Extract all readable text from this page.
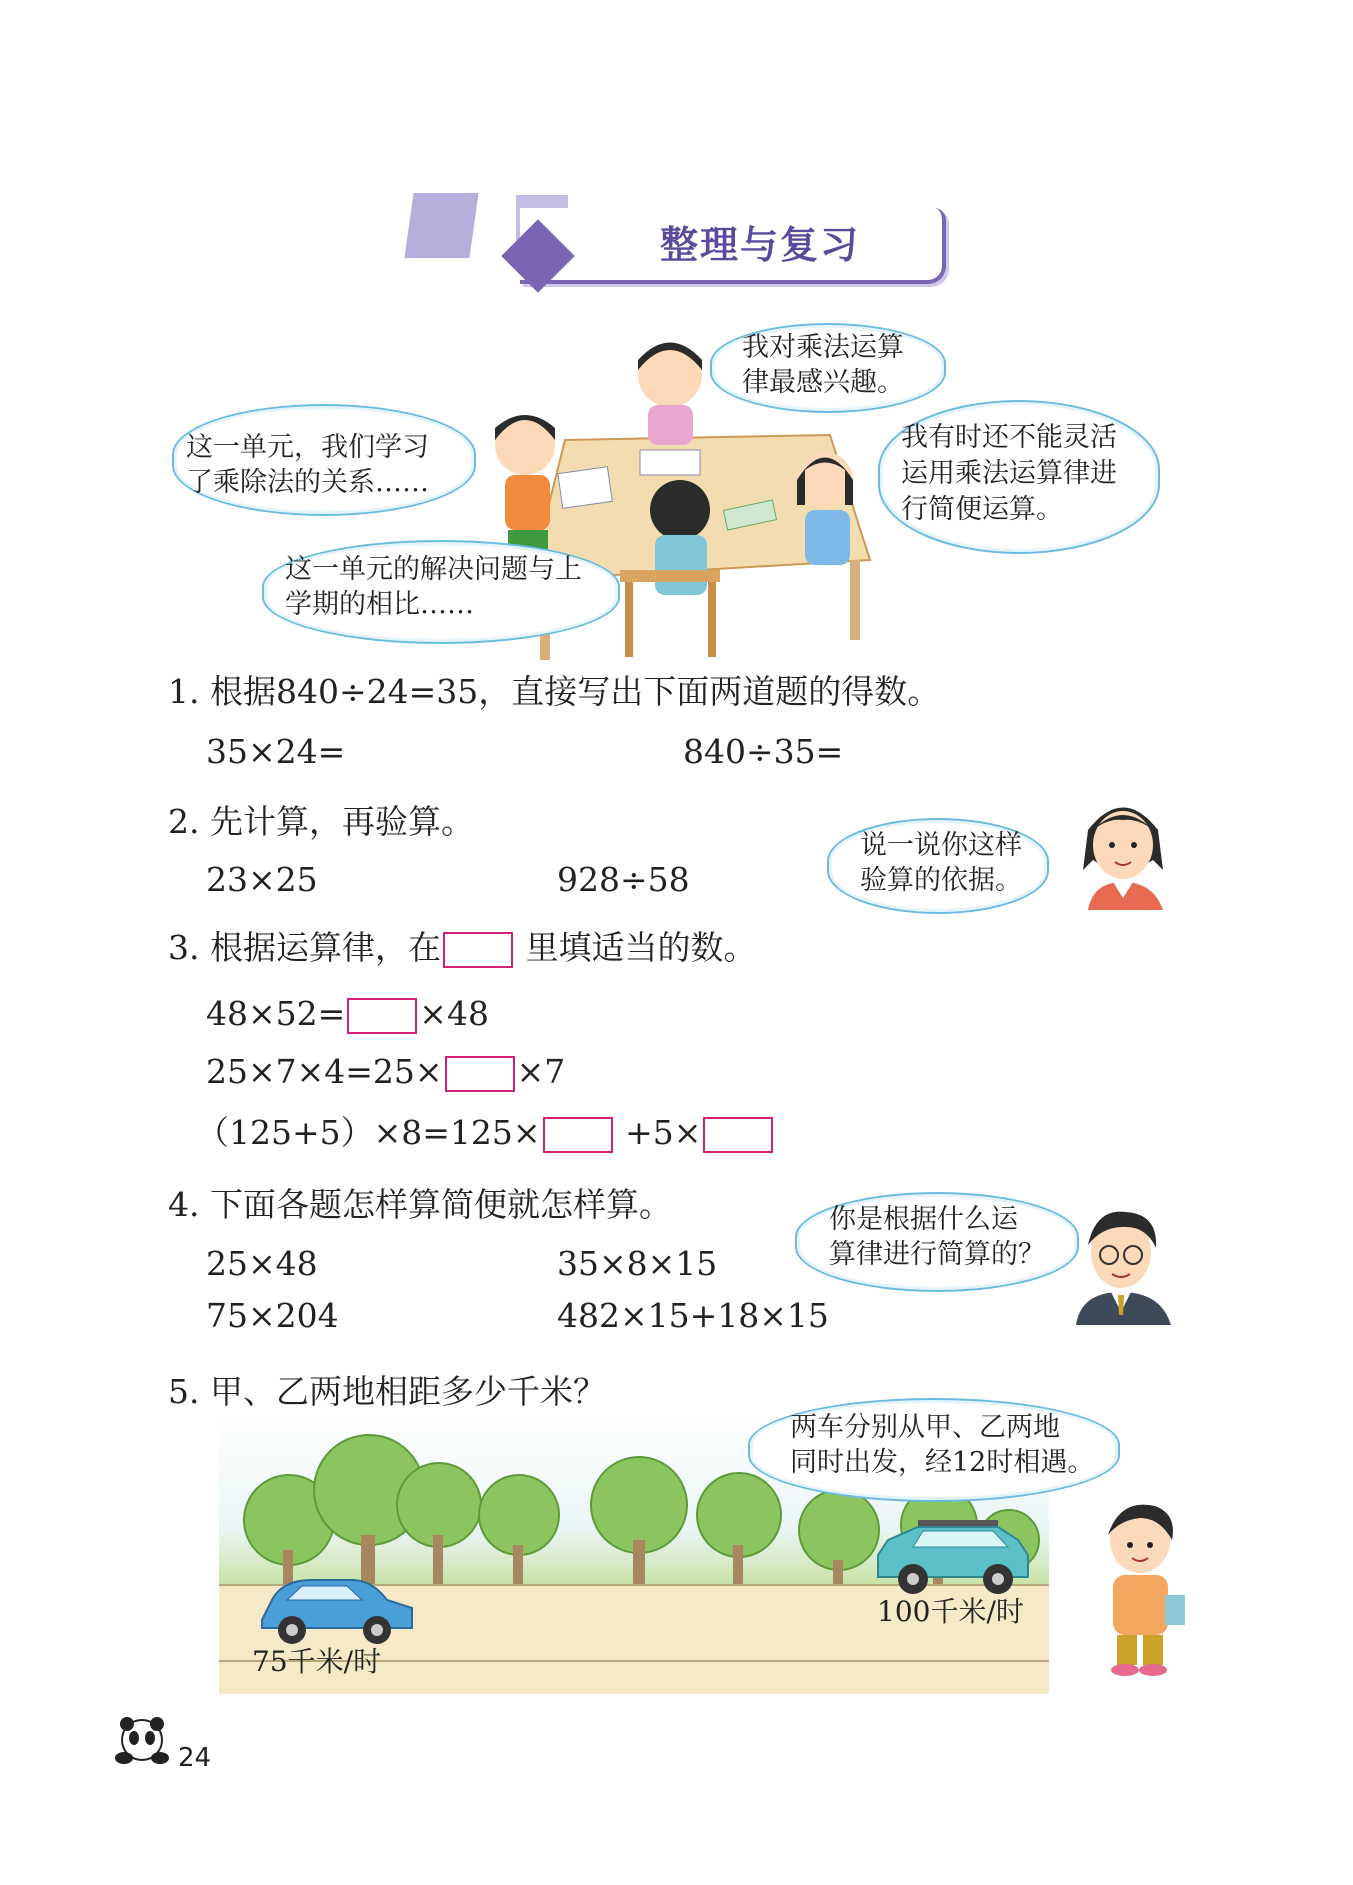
整理与复习
我对乘法运算
律最感兴趣。
这一单元，我们学习
了乘除法的关系……
我有时还不能灵活
运用乘法运算律进
行简便运算。
这一单元的解决问题与上
学期的相比……
1. 根据840÷24=35，直接写出下面两道题的得数。
35×24=	840÷35=
2. 先计算，再验算。
23×25	928÷58
说一说你这样
验算的依据。
3. 根据运算律，在	里填适当的数。
48×52= ×48
25×7×4=25× ×7
（125+5）×8=125×	+5×
4. 下面各题怎样算简便就怎样算。
25×48	35×8×15
75×204	482×15+18×15
你是根据什么运
算律进行简算的？
5. 甲、乙两地相距多少千米？
75千米/时
100千米/时
两车分别从甲、乙两地
同时出发，经12时相遇。
24
